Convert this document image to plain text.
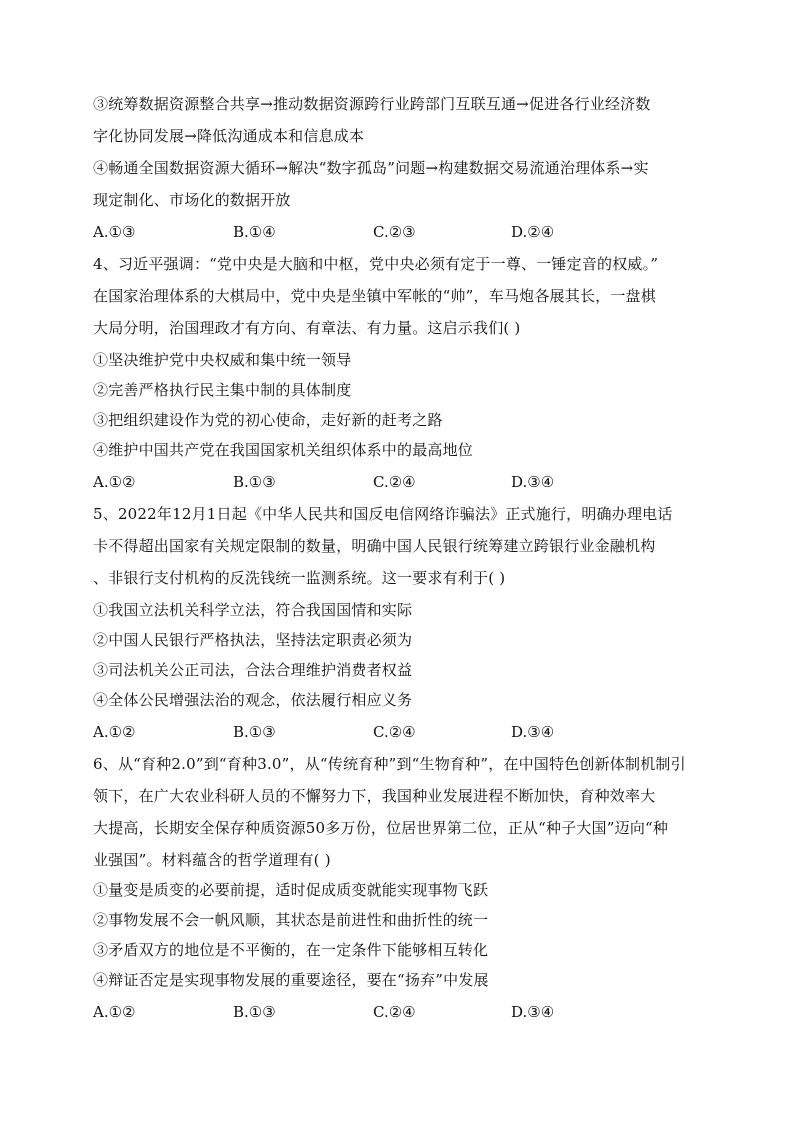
③统筹数据资源整合共享→推动数据资源跨行业跨部门互联互通→促进各行业经济数
字化协同发展→降低沟通成本和信息成本
④畅通全国数据资源大循环→解决“数字孤岛”问题→构建数据交易流通治理体系→实
现定制化、市场化的数据开放
A.①③	B.①④	C.②③	D.②④
4、习近平强调：“党中央是大脑和中枢，党中央必须有定于一尊、一锤定音的权威。”
在国家治理体系的大棋局中，党中央是坐镇中军帐的“帅”，车马炮各展其长，一盘棋
大局分明，治国理政才有方向、有章法、有力量。这启示我们( )
①坚决维护党中央权威和集中统一领导
②完善严格执行民主集中制的具体制度
③把组织建设作为党的初心使命，走好新的赶考之路
④维护中国共产党在我国国家机关组织体系中的最高地位
A.①②	B.①③	C.②④	D.③④
5、2022年12月1日起《中华人民共和国反电信网络诈骗法》正式施行，明确办理电话
卡不得超出国家有关规定限制的数量，明确中国人民银行统筹建立跨银行业金融机构
、非银行支付机构的反洗钱统一监测系统。这一要求有利于( )
①我国立法机关科学立法，符合我国国情和实际
②中国人民银行严格执法，坚持法定职责必须为
③司法机关公正司法，合法合理维护消费者权益
④全体公民增强法治的观念，依法履行相应义务
A.①②	B.①③	C.②④	D.③④
6、从“育种2.0”到“育种3.0”，从“传统育种”到“生物育种”，在中国特色创新体制机制引
领下，在广大农业科研人员的不懈努力下，我国种业发展进程不断加快，育种效率大
大提高，长期安全保存种质资源50多万份，位居世界第二位，正从“种子大国”迈向“种
业强国”。材料蕴含的哲学道理有( )
①量变是质变的必要前提，适时促成质变就能实现事物飞跃
②事物发展不会一帆风顺，其状态是前进性和曲折性的统一
③矛盾双方的地位是不平衡的，在一定条件下能够相互转化
④辩证否定是实现事物发展的重要途径，要在“扬弃”中发展
A.①②	B.①③	C.②④	D.③④
